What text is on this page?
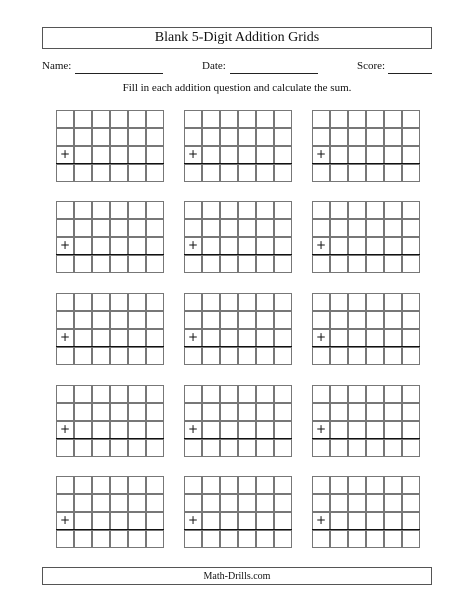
Blank 5-Digit Addition Grids
Name:	Date:	Score:
Fill in each addition question and calculate the sum.
+	+	+
+	+	+
+	+	+
+	+	+
+	+	+
Math-Drills.com
